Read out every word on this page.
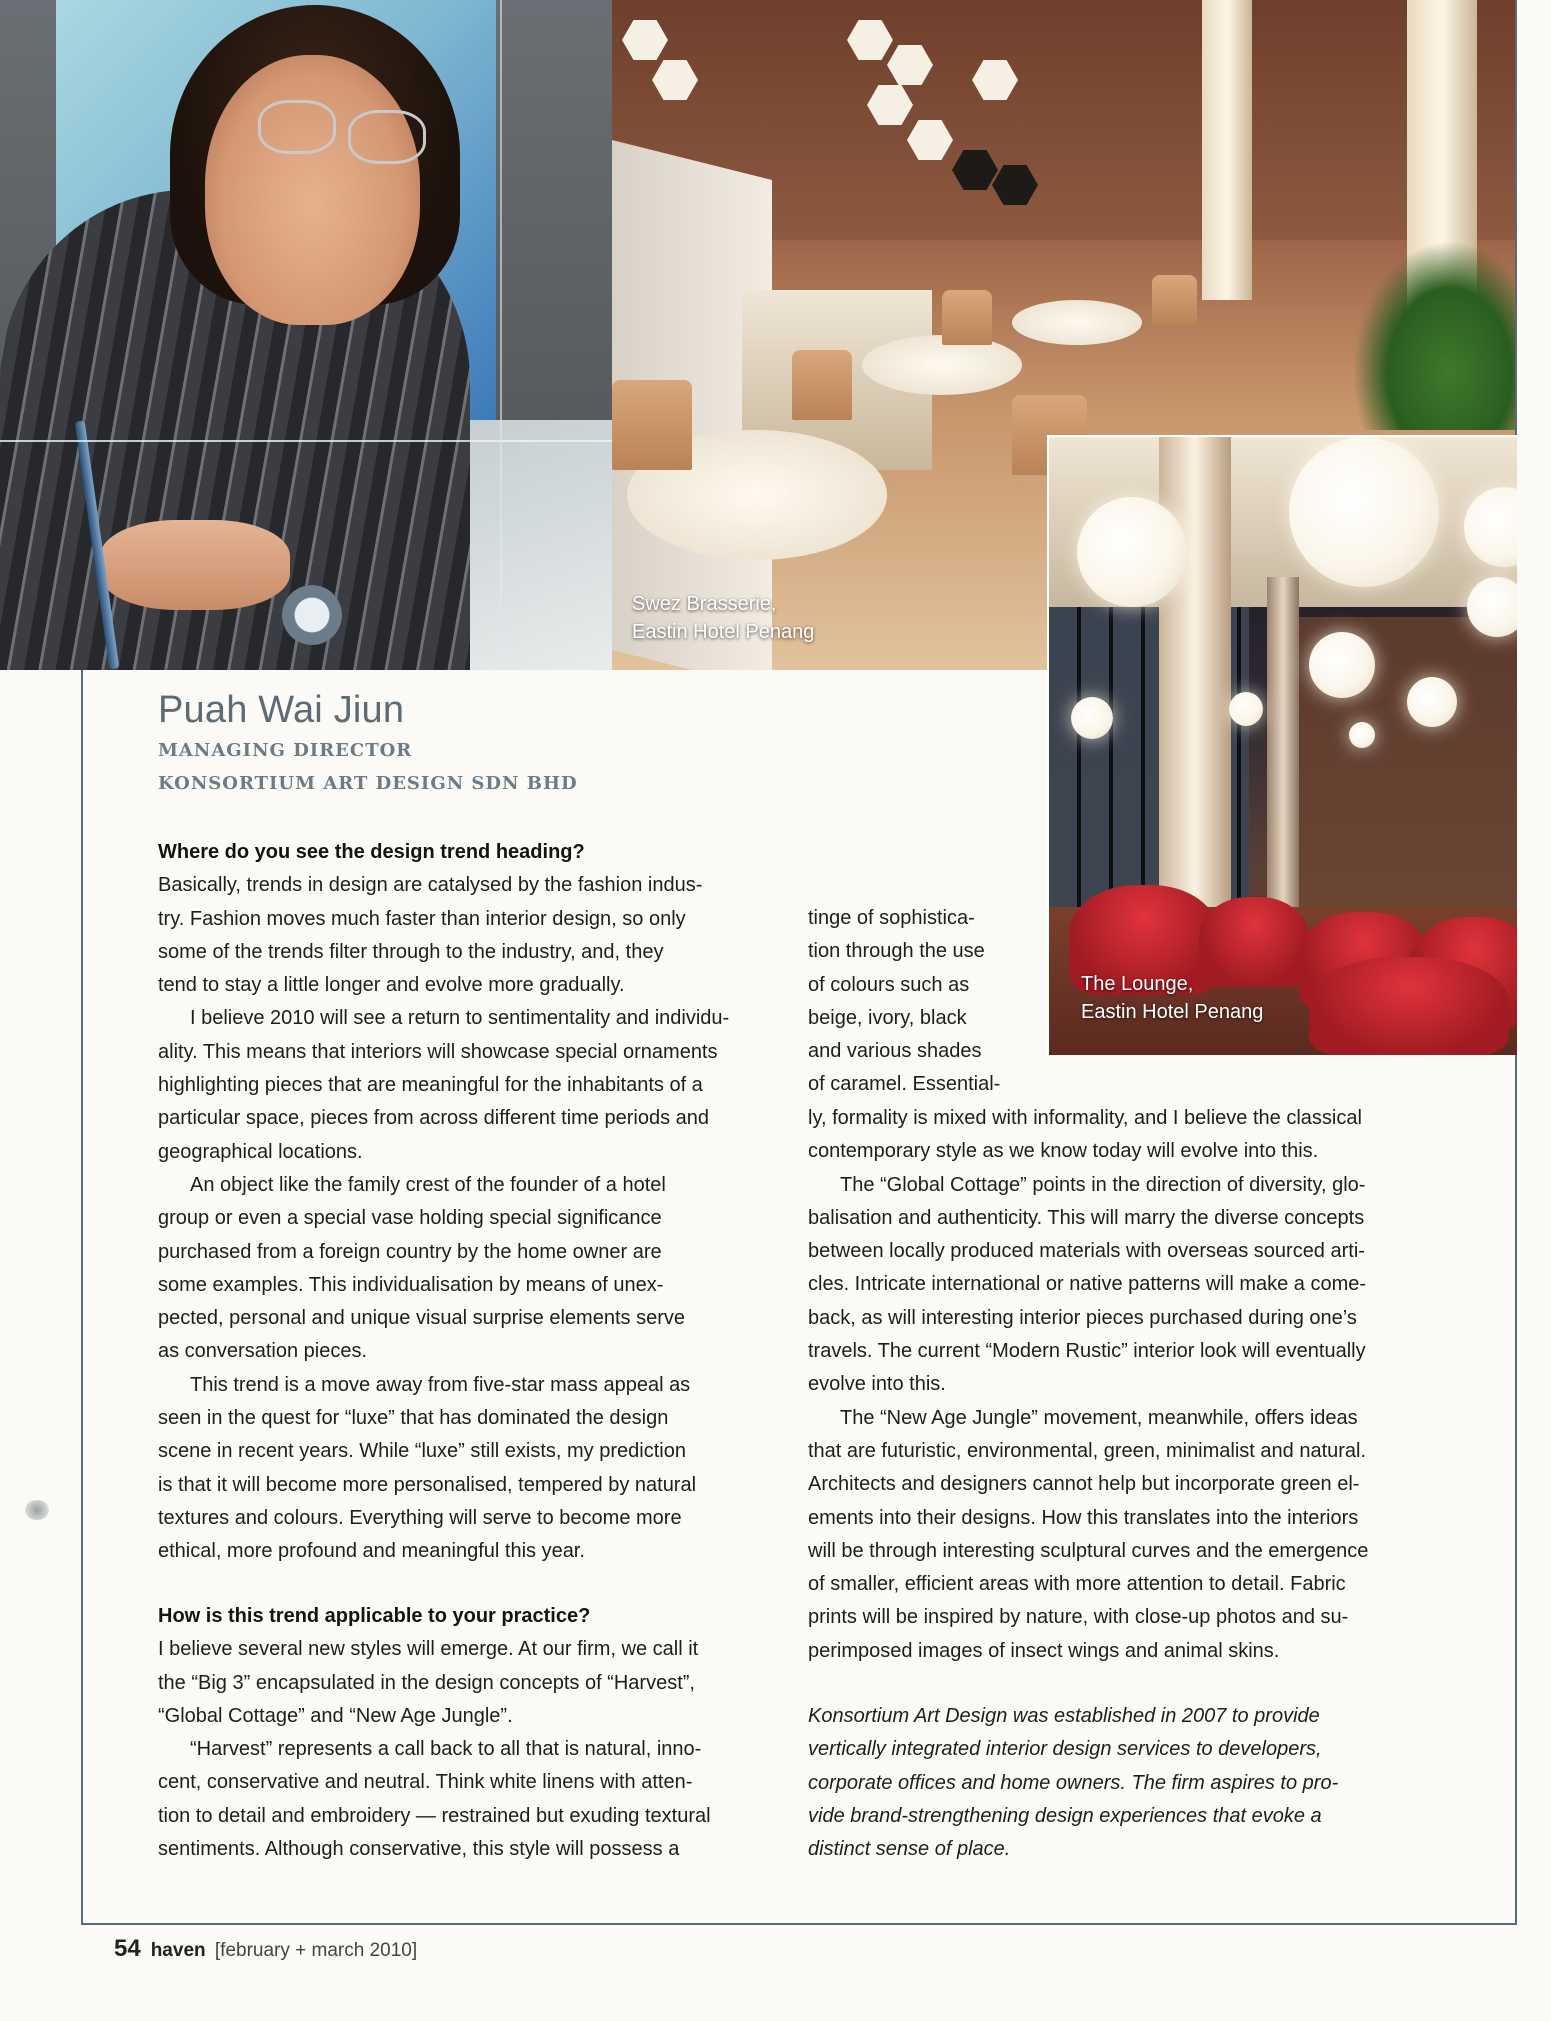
Swez Brasserie,
Eastin Hotel Penang
The Lounge,
Eastin Hotel Penang
Puah Wai Jiun
MANAGING DIRECTOR
KONSORTIUM ART DESIGN SDN BHD

Where do you see the design trend heading?

Basically, trends in design are catalysed by the fashion indus-

try. Fashion moves much faster than interior design, so only

some of the trends filter through to the industry, and, they

tend to stay a little longer and evolve more gradually.

I believe 2010 will see a return to sentimentality and individu-

ality. This means that interiors will showcase special ornaments

highlighting pieces that are meaningful for the inhabitants of a

particular space, pieces from across different time periods and

geographical locations.

An object like the family crest of the founder of a hotel

group or even a special vase holding special significance

purchased from a foreign country by the home owner are

some examples. This individualisation by means of unex-

pected, personal and unique visual surprise elements serve

as conversation pieces.

This trend is a move away from five-star mass appeal as

seen in the quest for “luxe” that has dominated the design

scene in recent years. While “luxe” still exists, my prediction

is that it will become more personalised, tempered by natural

textures and colours. Everything will serve to become more

ethical, more profound and meaningful this year.

How is this trend applicable to your practice?

I believe several new styles will emerge. At our firm, we call it

the “Big 3” encapsulated in the design concepts of “Harvest”,

“Global Cottage” and “New Age Jungle”.

“Harvest” represents a call back to all that is natural, inno-

cent, conservative and neutral. Think white linens with atten-

tion to detail and embroidery — restrained but exuding textural

sentiments. Although conservative, this style will possess a

tinge of sophistica-

tion through the use

of colours such as

beige, ivory, black

and various shades

of caramel. Essential-

ly, formality is mixed with informality, and I believe the classical

contemporary style as we know today will evolve into this.

The “Global Cottage” points in the direction of diversity, glo-

balisation and authenticity. This will marry the diverse concepts

between locally produced materials with overseas sourced arti-

cles. Intricate international or native patterns will make a come-

back, as will interesting interior pieces purchased during one’s

travels. The current “Modern Rustic” interior look will eventually

evolve into this.

The “New Age Jungle” movement, meanwhile, offers ideas

that are futuristic, environmental, green, minimalist and natural.

Architects and designers cannot help but incorporate green el-

ements into their designs. How this translates into the interiors

will be through interesting sculptural curves and the emergence

of smaller, efficient areas with more attention to detail. Fabric

prints will be inspired by nature, with close-up photos and su-

perimposed images of insect wings and animal skins.

Konsortium Art Design was established in 2007 to provide

vertically integrated interior design services to developers,

corporate offices and home owners. The firm aspires to pro-

vide brand-strengthening design experiences that evoke a

distinct sense of place.

54 haven [february + march 2010]
